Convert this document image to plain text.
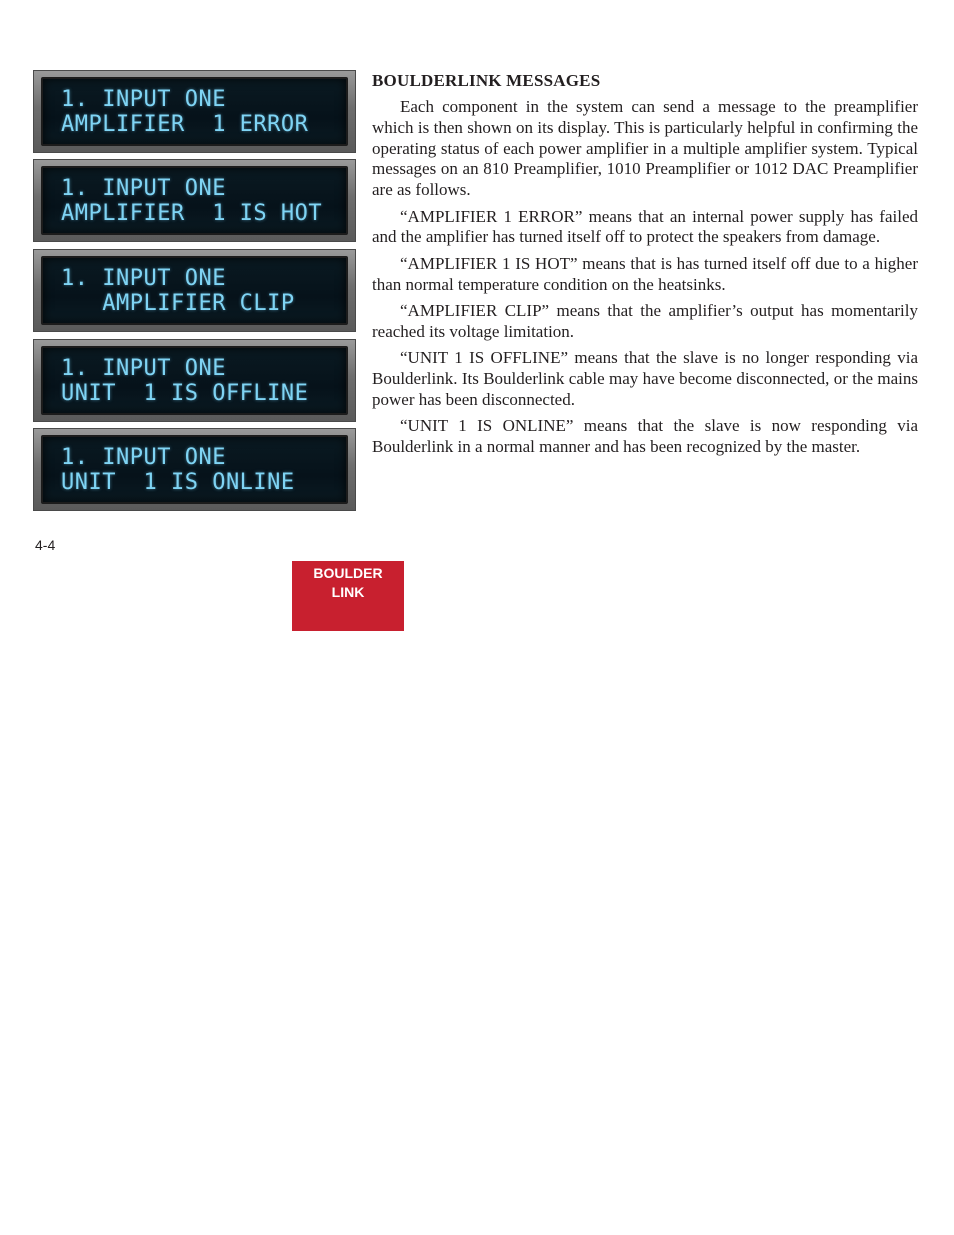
1. INPUT ONE
AMPLIFIER  1 ERROR
1. INPUT ONE
AMPLIFIER  1 IS HOT
1. INPUT ONE
AMPLIFIER CLIP
1. INPUT ONE
UNIT  1 IS OFFLINE
1. INPUT ONE
UNIT  1 IS ONLINE
BOULDERLINK MESSAGES

Each component in the system can send a message to the preamplifier which is then shown on its display. This is particularly helpful in confirming the operating status of each power amplifier in a multiple amplifier system. Typical messages on an 810 Preamplifier, 1010 Preamplifier or 1012 DAC Preamplifier are as follows.

“AMPLIFIER 1 ERROR” means that an internal power supply has failed and the amplifier has turned itself off to protect the speakers from damage.

“AMPLIFIER 1 IS HOT” means that is has turned itself off due to a higher than normal temperature condition on the heatsinks.

“AMPLIFIER CLIP” means that the amplifier’s output has momentarily reached its voltage limitation.

“UNIT 1 IS OFFLINE” means that the slave is no longer responding via Boulderlink. Its Boulderlink cable may have become disconnected, or the mains power has been disconnected.

“UNIT 1 IS ONLINE” means that the slave is now responding via Boulderlink in a normal manner and has been recognized by the master.

4-4
BOULDER
LINK
